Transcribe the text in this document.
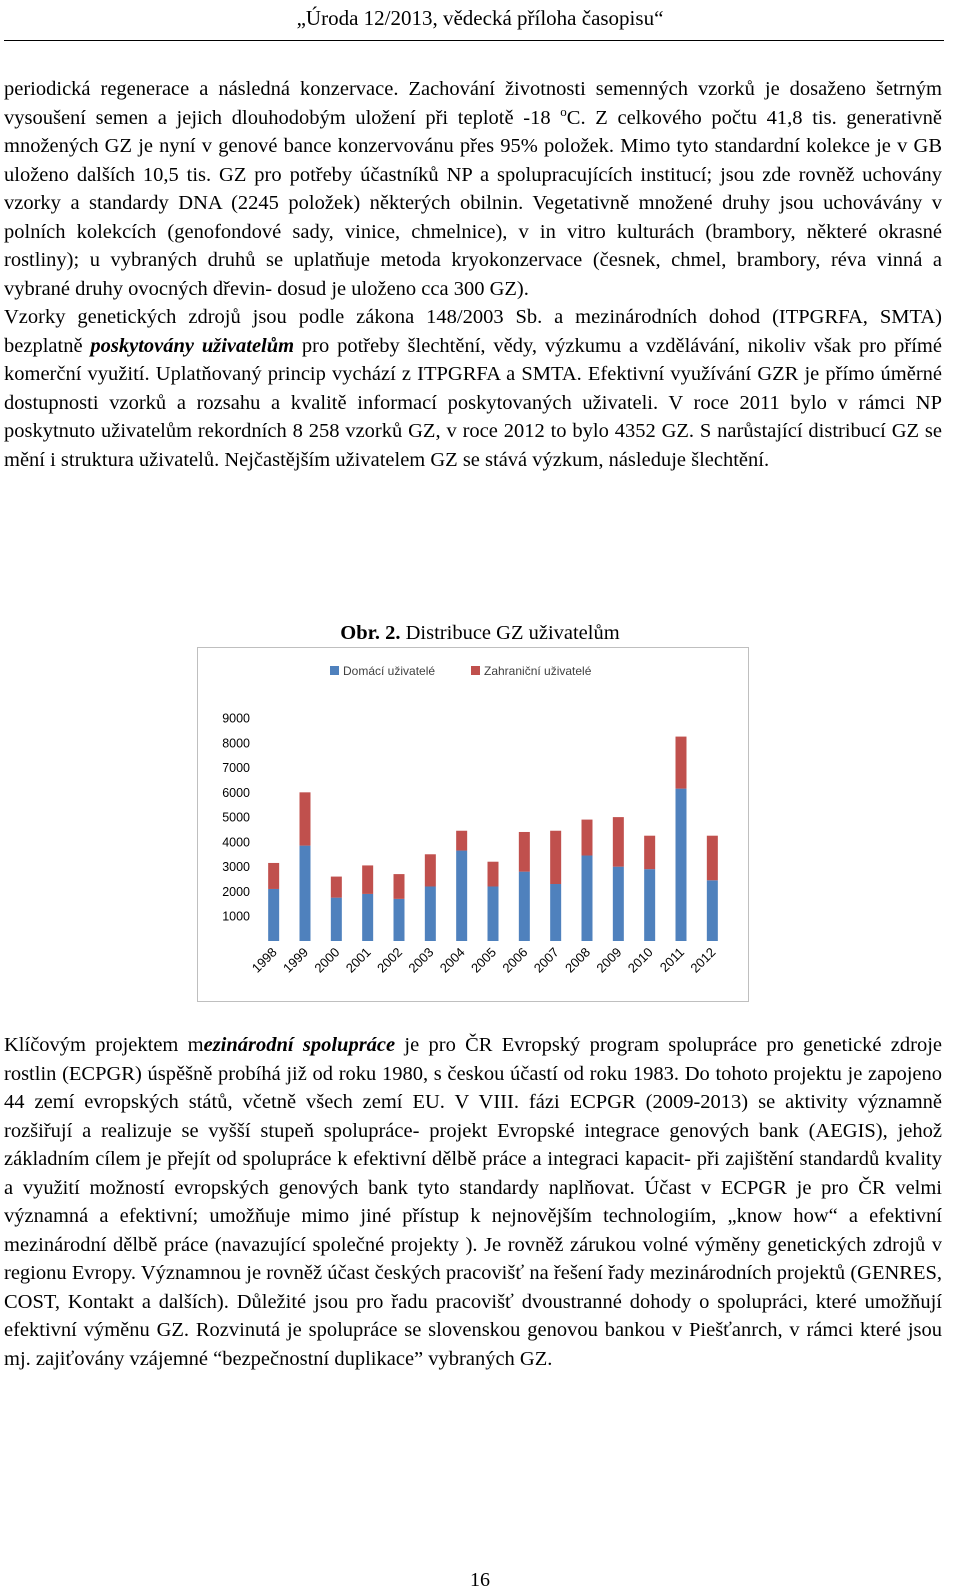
„Úroda 12/2013, vědecká příloha časopisu“

periodická regenerace a následná konzervace. Zachování životnosti semenných vzorků je dosaženo šetrným vysoušení semen a jejich dlouhodobým uložení při teplotě -18 $^o$C. Z celkového počtu 41,8 tis. generativně množených GZ je nyní v genové bance konzervovánu přes 95% položek. Mimo tyto standardní kolekce je v GB uloženo dalších 10,5 tis. GZ pro potřeby účastníků NP a spolupracujících institucí; jsou zde rovněž uchovány vzorky a standardy DNA (2245 položek) některých obilnin. Vegetativně množené druhy jsou uchovávány v polních kolekcích (genofondové sady, vinice, chmelnice), v in vitro kulturách (brambory, některé okrasné rostliny); u vybraných druhů se uplatňuje metoda kryokonzervace (česnek, chmel, brambory, réva vinná a vybrané druhy ovocných dřevin- dosud je uloženo cca 300 GZ).
Vzorky genetických zdrojů jsou podle zákona 148/2003 Sb. a mezinárodních dohod (ITPGRFA, SMTA) bezplatně poskytovány uživatelům pro potřeby šlechtění, vědy, výzkumu a vzdělávání, nikoliv však pro přímé komerční využití. Uplatňovaný princip vychází z ITPGRFA a SMTA. Efektivní využívání GZR je přímo úměrné dostupnosti vzorků a rozsahu a kvalitě informací poskytovaných uživateli. V roce 2011 bylo v rámci NP poskytnuto uživatelům rekordních 8 258 vzorků GZ, v roce 2012 to bylo 4352 GZ. S narůstající distribucí GZ se mění i struktura uživatelů. Nejčastějším uživatelem GZ se stává výzkum, následuje šlechtění.

Obr. 2. Distribuce GZ uživatelům
Domácí uživatelé	Zahraniční uživatelé
1000
2000
3000
4000
5000
6000
7000
8000
9000
1998 1999 2000 2001 2002 2003 2004 2005 2006 2007 2008 2009 2010 2011 2012

Klíčovým projektem mezinárodní spolupráce je pro ČR Evropský program spolupráce pro genetické zdroje rostlin (ECPGR) úspěšně probíhá již od roku 1980, s českou účastí od roku 1983. Do tohoto projektu je zapojeno 44 zemí evropských států, včetně všech zemí EU. V VIII. fázi ECPGR (2009-2013) se aktivity významně rozšiřují a realizuje se vyšší stupeň spolupráce- projekt Evropské integrace genových bank (AEGIS), jehož základním cílem je přejít od spolupráce k efektivní dělbě práce a integraci kapacit- při zajištění standardů kvality a využití možností evropských genových bank tyto standardy naplňovat. Účast v ECPGR je pro ČR velmi významná a efektivní; umožňuje mimo jiné přístup k nejnovějším technologiím, „know how“ a efektivní mezinárodní dělbě práce (navazující společné projekty ). Je rovněž zárukou volné výměny genetických zdrojů v regionu Evropy. Významnou je rovněž účast českých pracovišť na řešení řady mezinárodních projektů (GENRES, COST, Kontakt a dalších). Důležité jsou pro řadu pracovišť dvoustranné dohody o spolupráci, které umožňují efektivní výměnu GZ. Rozvinutá je spolupráce se slovenskou genovou bankou v Piešťanrch, v rámci které jsou mj. zajiťovány vzájemné “bezpečnostní duplikace” vybraných GZ.

16
